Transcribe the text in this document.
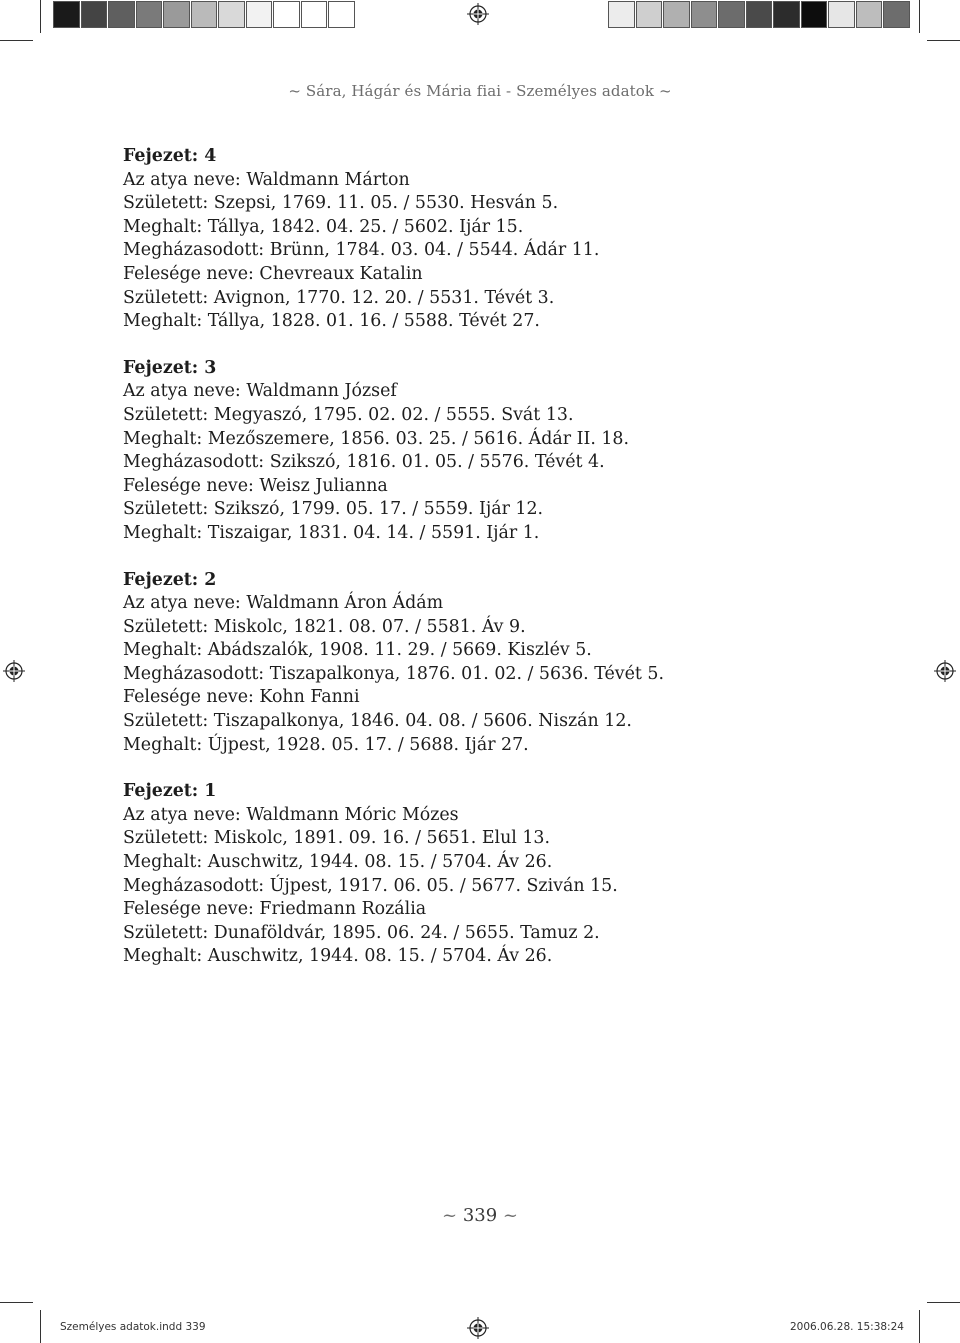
~ Sára, Hágár és Mária fiai - Személyes adatok ~
Fejezet: 4
Az atya neve: Waldmann Márton
Született: Szepsi, 1769. 11. 05. / 5530. Hesván 5.
Meghalt: Tállya, 1842. 04. 25. / 5602. Ijár 15.
Megházasodott: Brünn, 1784. 03. 04. / 5544. Ádár 11.
Felesége neve: Chevreaux Katalin
Született: Avignon, 1770. 12. 20. / 5531. Tévét 3.
Meghalt: Tállya, 1828. 01. 16. / 5588. Tévét 27.
Fejezet: 3
Az atya neve: Waldmann József
Született: Megyaszó, 1795. 02. 02. / 5555. Svát 13.
Meghalt: Mezőszemere, 1856. 03. 25. / 5616. Ádár II. 18.
Megházasodott: Szikszó, 1816. 01. 05. / 5576. Tévét 4.
Felesége neve: Weisz Julianna
Született: Szikszó, 1799. 05. 17. / 5559. Ijár 12.
Meghalt: Tiszaigar, 1831. 04. 14. / 5591. Ijár 1.
Fejezet: 2
Az atya neve: Waldmann Áron Ádám
Született: Miskolc, 1821. 08. 07. / 5581. Áv 9.
Meghalt: Abádszalók, 1908. 11. 29. / 5669. Kiszlév 5.
Megházasodott: Tiszapalkonya, 1876. 01. 02. / 5636. Tévét 5.
Felesége neve: Kohn Fanni
Született: Tiszapalkonya, 1846. 04. 08. / 5606. Niszán 12.
Meghalt: Újpest, 1928. 05. 17. / 5688. Ijár 27.
Fejezet: 1
Az atya neve: Waldmann Móric Mózes
Született: Miskolc, 1891. 09. 16. / 5651. Elul 13.
Meghalt: Auschwitz, 1944. 08. 15. / 5704. Áv 26.
Megházasodott: Újpest, 1917. 06. 05. / 5677. Sziván 15.
Felesége neve: Friedmann Rozália
Született: Dunaföldvár, 1895. 06. 24. / 5655. Tamuz 2.
Meghalt: Auschwitz, 1944. 08. 15. / 5704. Áv 26.
~ 339 ~
Személyes adatok.indd 339	2006.06.28. 15:38:24
